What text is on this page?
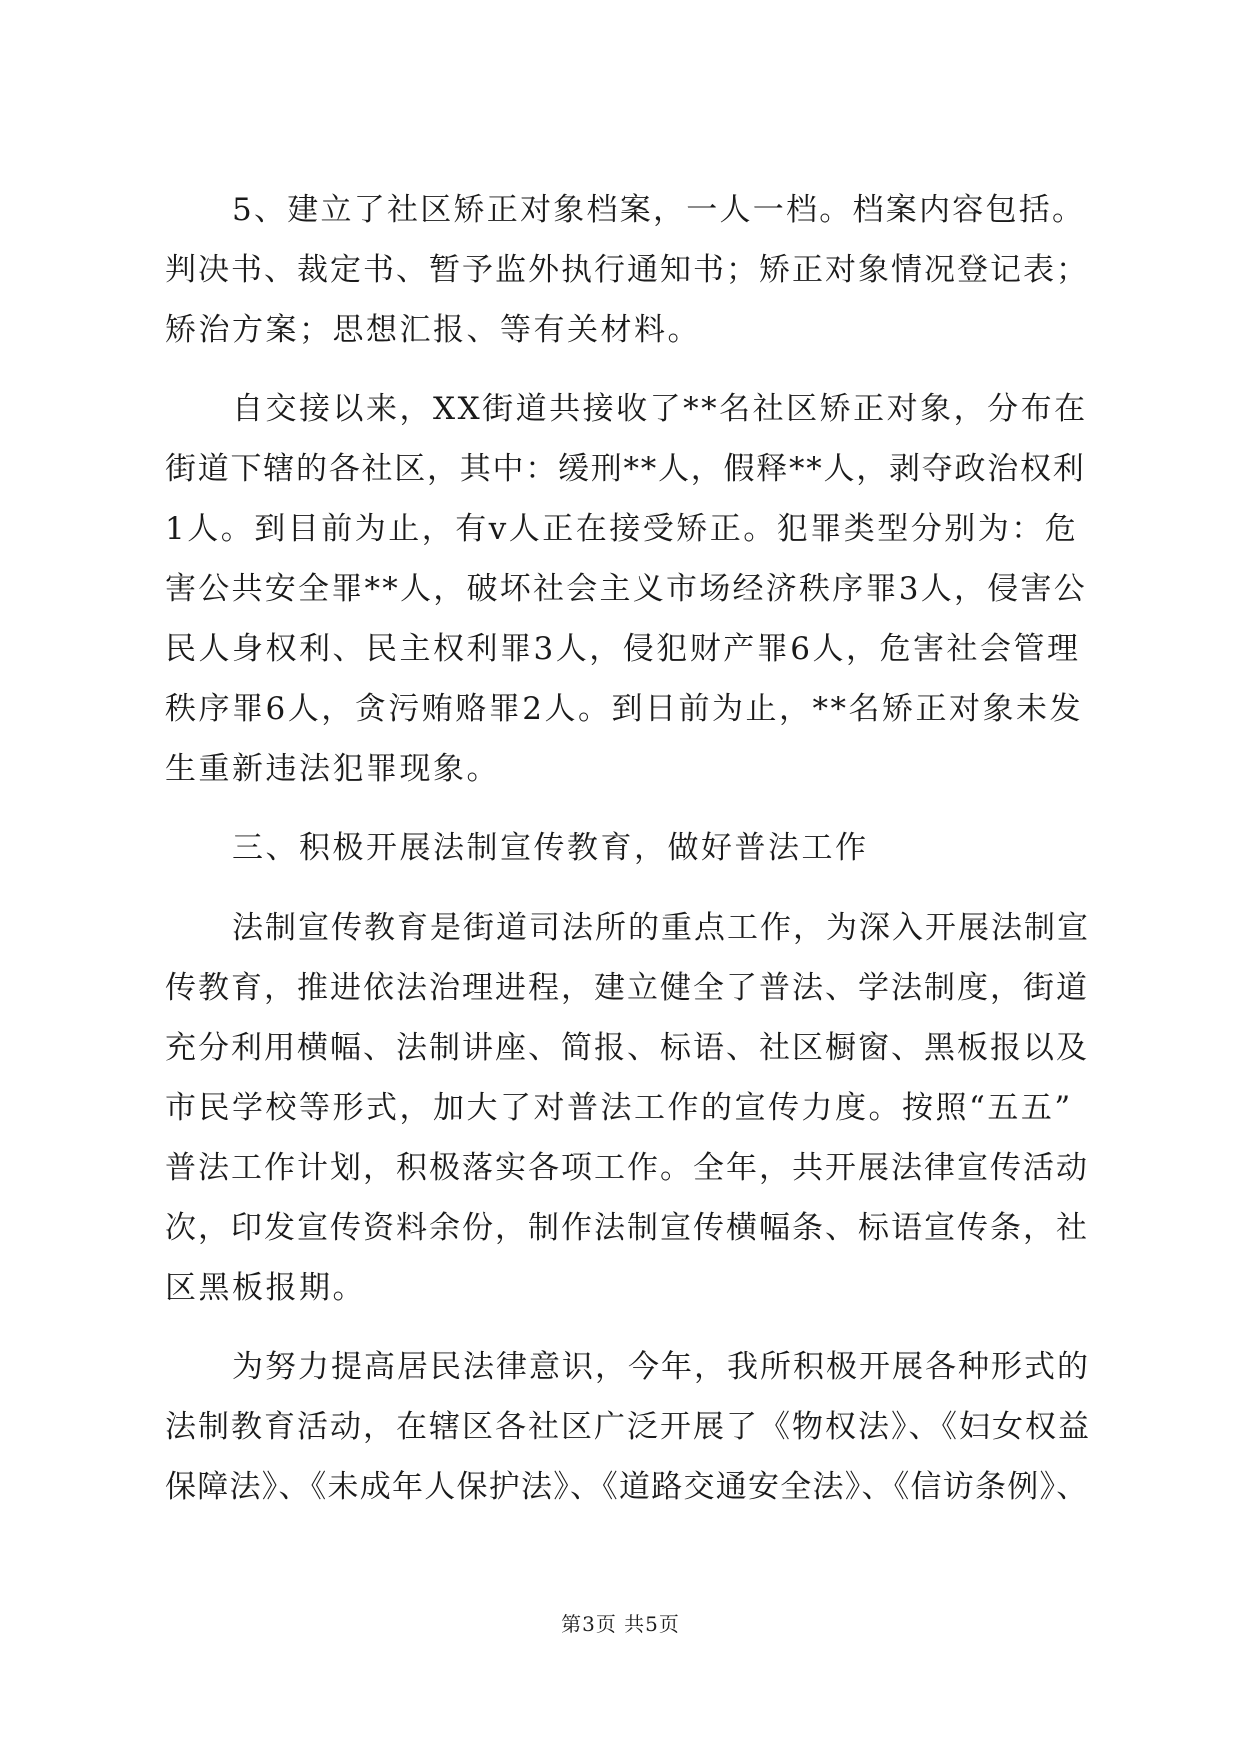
5、建立了社区矫正对象档案，一人一档。档案内容包括。
判决书、裁定书、暂予监外执行通知书；矫正对象情况登记表；
矫治方案；思想汇报、等有关材料。
自交接以来，XX街道共接收了**名社区矫正对象，分布在
街道下辖的各社区，其中：缓刑**人，假释**人，剥夺政治权利
1人。到目前为止，有v人正在接受矫正。犯罪类型分别为：危
害公共安全罪**人，破坏社会主义市场经济秩序罪3人，侵害公
民人身权利、民主权利罪3人，侵犯财产罪6人，危害社会管理
秩序罪6人，贪污贿赂罪2人。到日前为止，**名矫正对象未发
生重新违法犯罪现象。
三、积极开展法制宣传教育，做好普法工作
法制宣传教育是街道司法所的重点工作，为深入开展法制宣
传教育，推进依法治理进程，建立健全了普法、学法制度，街道
充分利用横幅、法制讲座、简报、标语、社区橱窗、黑板报以及
市民学校等形式，加大了对普法工作的宣传力度。按照“五五”
普法工作计划，积极落实各项工作。全年，共开展法律宣传活动
次，印发宣传资料余份，制作法制宣传横幅条、标语宣传条，社
区黑板报期。
为努力提高居民法律意识，今年，我所积极开展各种形式的
法制教育活动，在辖区各社区广泛开展了《物权法》、《妇女权益
保障法》、《未成年人保护法》、《道路交通安全法》、《信访条例》、
第3页 共5页
